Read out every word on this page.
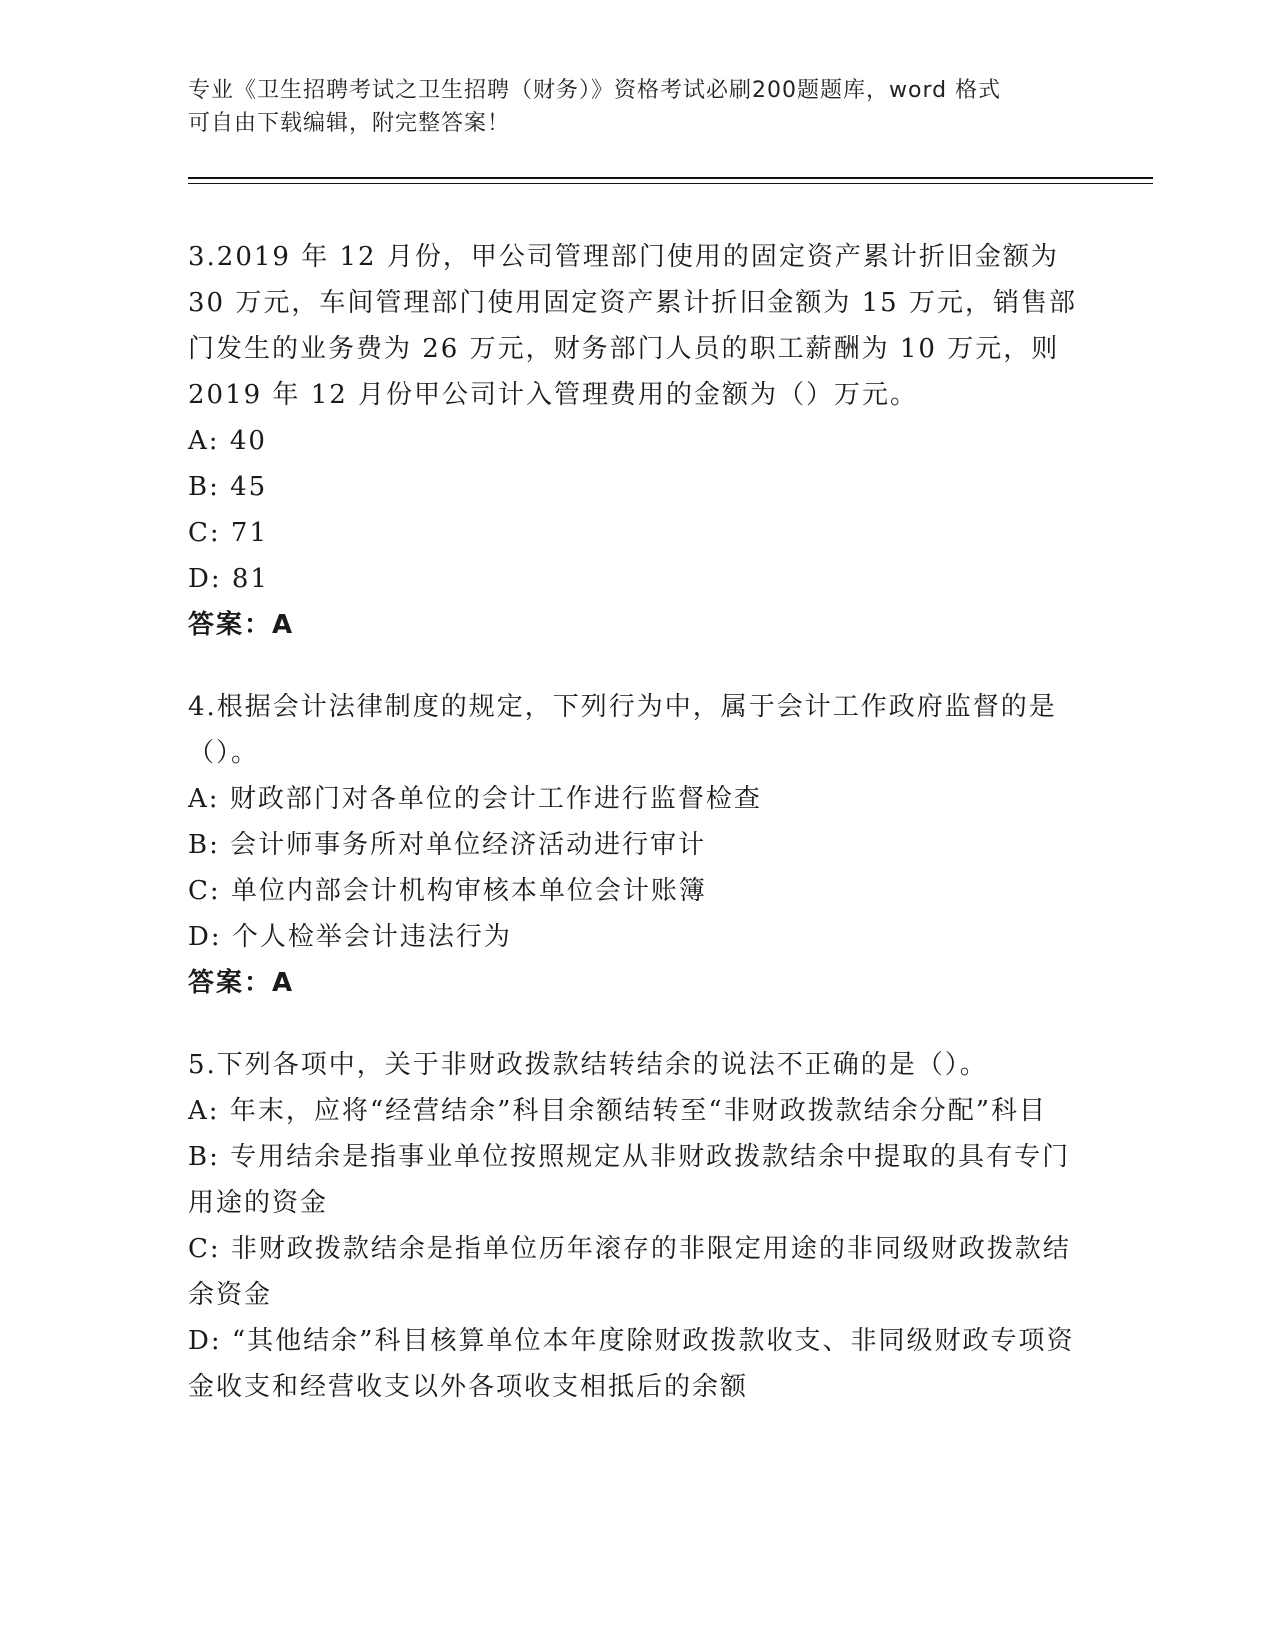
专业《卫生招聘考试之卫生招聘（财务）》资格考试必刷200题题库，word 格式
可自由下载编辑，附完整答案！

3.2019 年 12 月份，甲公司管理部门使用的固定资产累计折旧金额为 30 万元，车间管理部门使用固定资产累计折旧金额为 15 万元，销售部门发生的业务费为 26 万元，财务部门人员的职工薪酬为 10 万元，则 2019 年 12 月份甲公司计入管理费用的金额为（）万元。

A: 40

B: 45

C: 71

D: 81

答案：A

4.根据会计法律制度的规定，下列行为中，属于会计工作政府监督的是（）。

A: 财政部门对各单位的会计工作进行监督检查

B: 会计师事务所对单位经济活动进行审计

C: 单位内部会计机构审核本单位会计账簿

D: 个人检举会计违法行为

答案：A

5.下列各项中，关于非财政拨款结转结余的说法不正确的是（）。

A: 年末，应将“经营结余”科目余额结转至“非财政拨款结余分配”科目

B: 专用结余是指事业单位按照规定从非财政拨款结余中提取的具有专门用途的资金

C: 非财政拨款结余是指单位历年滚存的非限定用途的非同级财政拨款结余资金

D: “其他结余”科目核算单位本年度除财政拨款收支、非同级财政专项资金收支和经营收支以外各项收支相抵后的余额
